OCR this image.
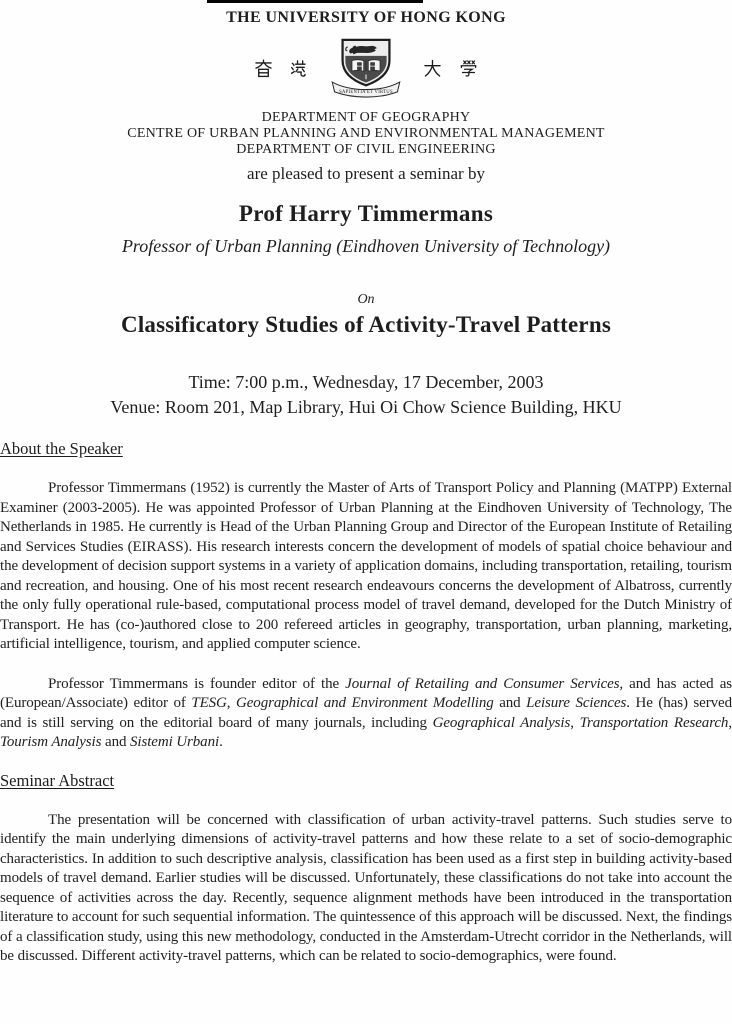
THE UNIVERSITY OF HONG KONG
SAPIENTIA ET VIRTUS
DEPARTMENT OF GEOGRAPHY
CENTRE OF URBAN PLANNING AND ENVIRONMENTAL MANAGEMENT
DEPARTMENT OF CIVIL ENGINEERING
are pleased to present a seminar by
Prof Harry Timmermans
Professor of Urban Planning (Eindhoven University of Technology)
On
Classificatory Studies of Activity-Travel Patterns
Time: 7:00 p.m., Wednesday, 17 December, 2003
Venue: Room 201, Map Library, Hui Oi Chow Science Building, HKU
About the Speaker

Professor Timmermans (1952) is currently the Master of Arts of Transport Policy and Planning (MATPP) External Examiner (2003-2005). He was appointed Professor of Urban Planning at the Eindhoven University of Technology, The Netherlands in 1985. He currently is Head of the Urban Planning Group and Director of the European Institute of Retailing and Services Studies (EIRASS). His research interests concern the development of models of spatial choice behaviour and the development of decision support systems in a variety of application domains, including transportation, retailing, tourism and recreation, and housing. One of his most recent research endeavours concerns the development of Albatross, currently the only fully operational rule-based, computational process model of travel demand, developed for the Dutch Ministry of Transport. He has (co-)authored close to 200 refereed articles in geography, transportation, urban planning, marketing, artificial intelligence, tourism, and applied computer science.

Professor Timmermans is founder editor of the Journal of Retailing and Consumer Services, and has acted as (European/Associate) editor of TESG, Geographical and Environment Modelling and Leisure Sciences. He (has) served and is still serving on the editorial board of many journals, including Geographical Analysis, Transportation Research, Tourism Analysis and Sistemi Urbani.

Seminar Abstract

The presentation will be concerned with classification of urban activity-travel patterns. Such studies serve to identify the main underlying dimensions of activity-travel patterns and how these relate to a set of socio-demographic characteristics. In addition to such descriptive analysis, classification has been used as a first step in building activity-based models of travel demand. Earlier studies will be discussed. Unfortunately, these classifications do not take into account the sequence of activities across the day. Recently, sequence alignment methods have been introduced in the transportation literature to account for such sequential information. The quintessence of this approach will be discussed. Next, the findings of a classification study, using this new methodology, conducted in the Amsterdam-Utrecht corridor in the Netherlands, will be discussed. Different activity-travel patterns, which can be related to socio-demographics, were found.
